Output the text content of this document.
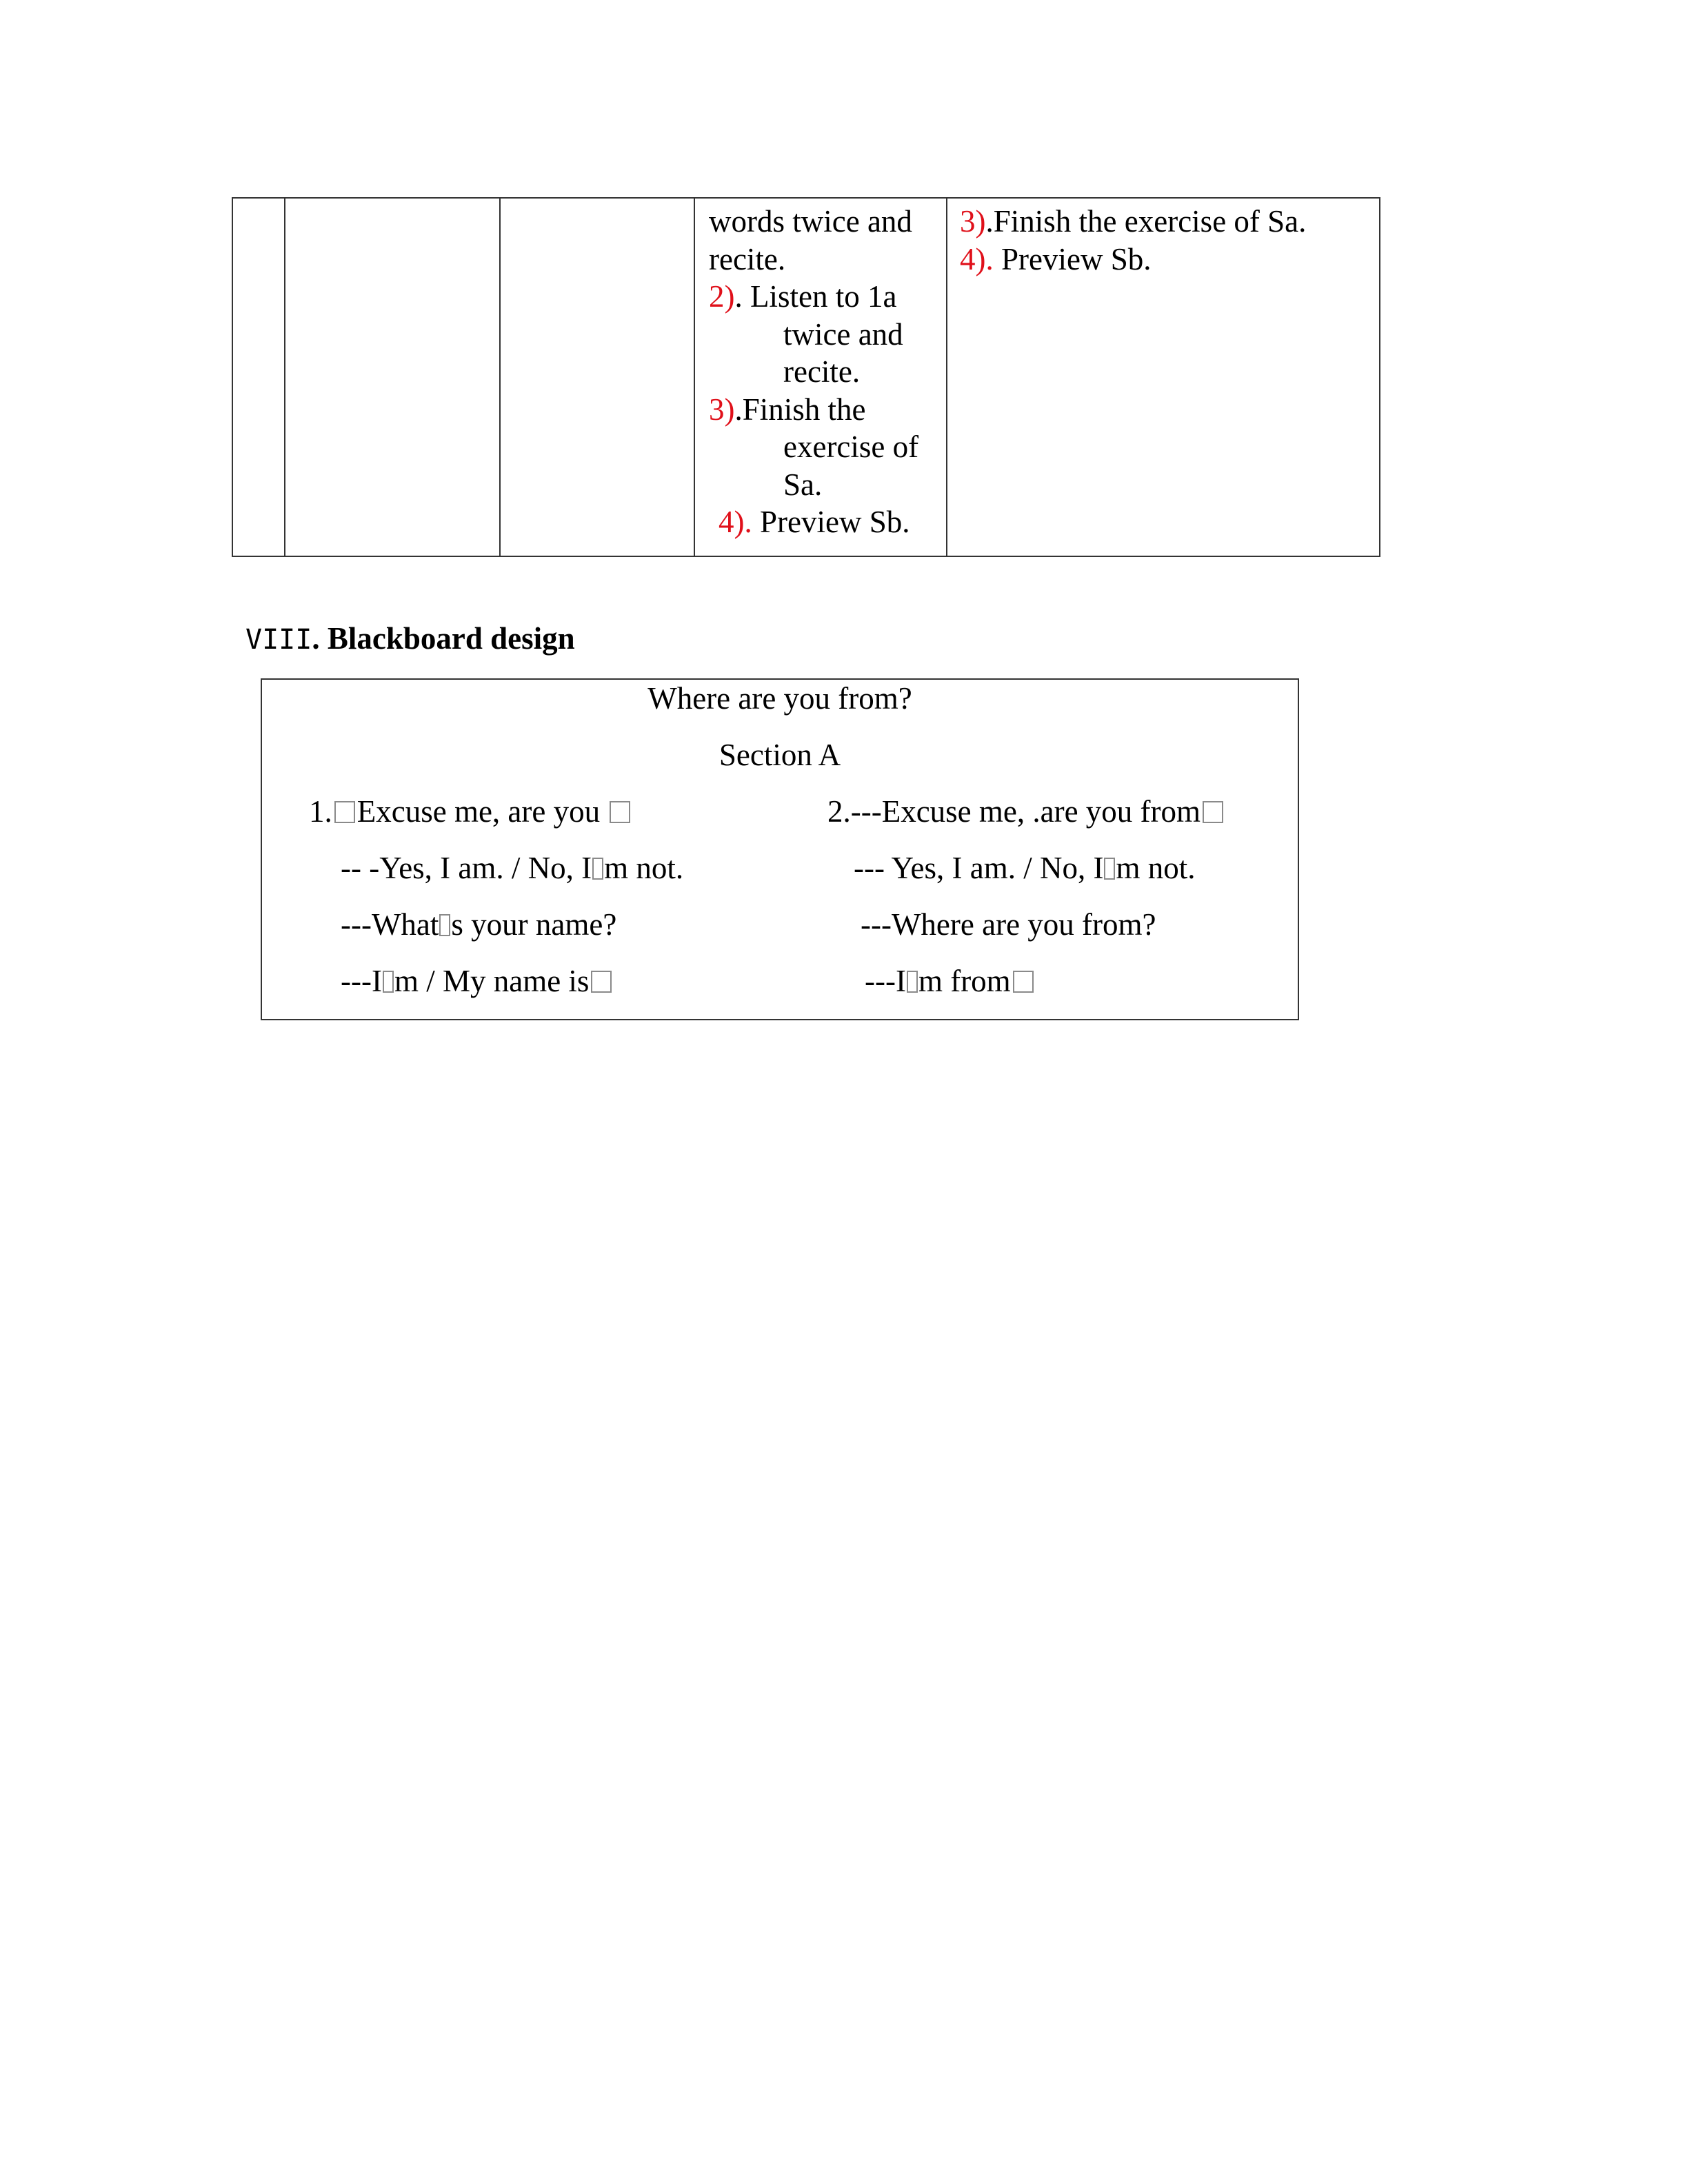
words twice and
recite.
2). Listen to 1a
twice and
recite.
3).Finish the
exercise of
Sa.
4). Preview Sb.
3).Finish the exercise of Sa.
4). Preview Sb.
VIII. Blackboard design
Where are you from?
Section A
1. Excuse me, are you
-- -Yes, I am. / No, I m not.
---What s your name?
---I m / My name is
2.---Excuse me, .are you from
--- Yes, I am. / No, I m not.
---Where are you from?
---I m from
